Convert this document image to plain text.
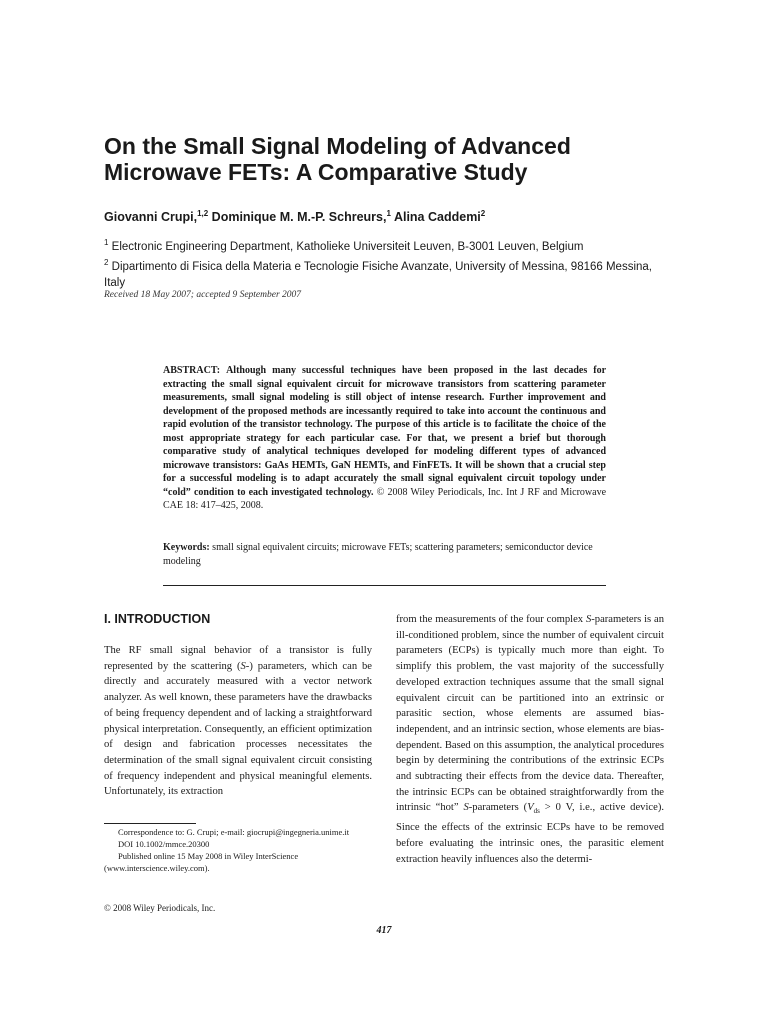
On the Small Signal Modeling of Advanced Microwave FETs: A Comparative Study
Giovanni Crupi,$^{1,2}$ Dominique M. M.-P. Schreurs,$^1$ Alina Caddemi$^2$
$^1$ Electronic Engineering Department, Katholieke Universiteit Leuven, B-3001 Leuven, Belgium
$^2$ Dipartimento di Fisica della Materia e Tecnologie Fisiche Avanzate, University of Messina, 98166 Messina, Italy
Received 18 May 2007; accepted 9 September 2007
ABSTRACT: Although many successful techniques have been proposed in the last decades for extracting the small signal equivalent circuit for microwave transistors from scattering parameter measurements, small signal modeling is still object of intense research. Further improvement and development of the proposed methods are incessantly required to take into account the continuous and rapid evolution of the transistor technology. The purpose of this article is to facilitate the choice of the most appropriate strategy for each particular case. For that, we present a brief but thorough comparative study of analytical techniques developed for modeling different types of advanced microwave transistors: GaAs HEMTs, GaN HEMTs, and FinFETs. It will be shown that a crucial step for a successful modeling is to adapt accurately the small signal equivalent circuit topology under “cold” condition to each investigated technology. © 2008 Wiley Periodicals, Inc. Int J RF and Microwave CAE 18: 417–425, 2008.
Keywords: small signal equivalent circuits; microwave FETs; scattering parameters; semiconductor device modeling
I. INTRODUCTION
The RF small signal behavior of a transistor is fully represented by the scattering (S-) parameters, which can be directly and accurately measured with a vector network analyzer. As well known, these parameters have the drawbacks of being frequency dependent and of lacking a straightforward physical interpretation. Consequently, an efficient optimization of design and fabrication processes necessitates the determination of the small signal equivalent circuit consisting of frequency independent and physical meaningful elements. Unfortunately, its extraction
from the measurements of the four complex S-parameters is an ill-conditioned problem, since the number of equivalent circuit parameters (ECPs) is typically much more than eight. To simplify this problem, the vast majority of the successfully developed extraction techniques assume that the small signal equivalent circuit can be partitioned into an extrinsic or parasitic section, whose elements are assumed bias-independent, and an intrinsic section, whose elements are bias-dependent. Based on this assumption, the analytical procedures begin by determining the contributions of the extrinsic ECPs and subtracting their effects from the device data. Thereafter, the intrinsic ECPs can be obtained straightforwardly from the intrinsic “hot” S-parameters ($V_{ds} > 0$ V, i.e., active device). Since the effects of the extrinsic ECPs have to be removed before evaluating the intrinsic ones, the parasitic element extraction heavily influences also the determi-
Correspondence to: G. Crupi; e-mail: giocrupi@ingegneria.unime.it
DOI 10.1002/mmce.20300
Published online 15 May 2008 in Wiley InterScience (www.interscience.wiley.com).
© 2008 Wiley Periodicals, Inc.
417
